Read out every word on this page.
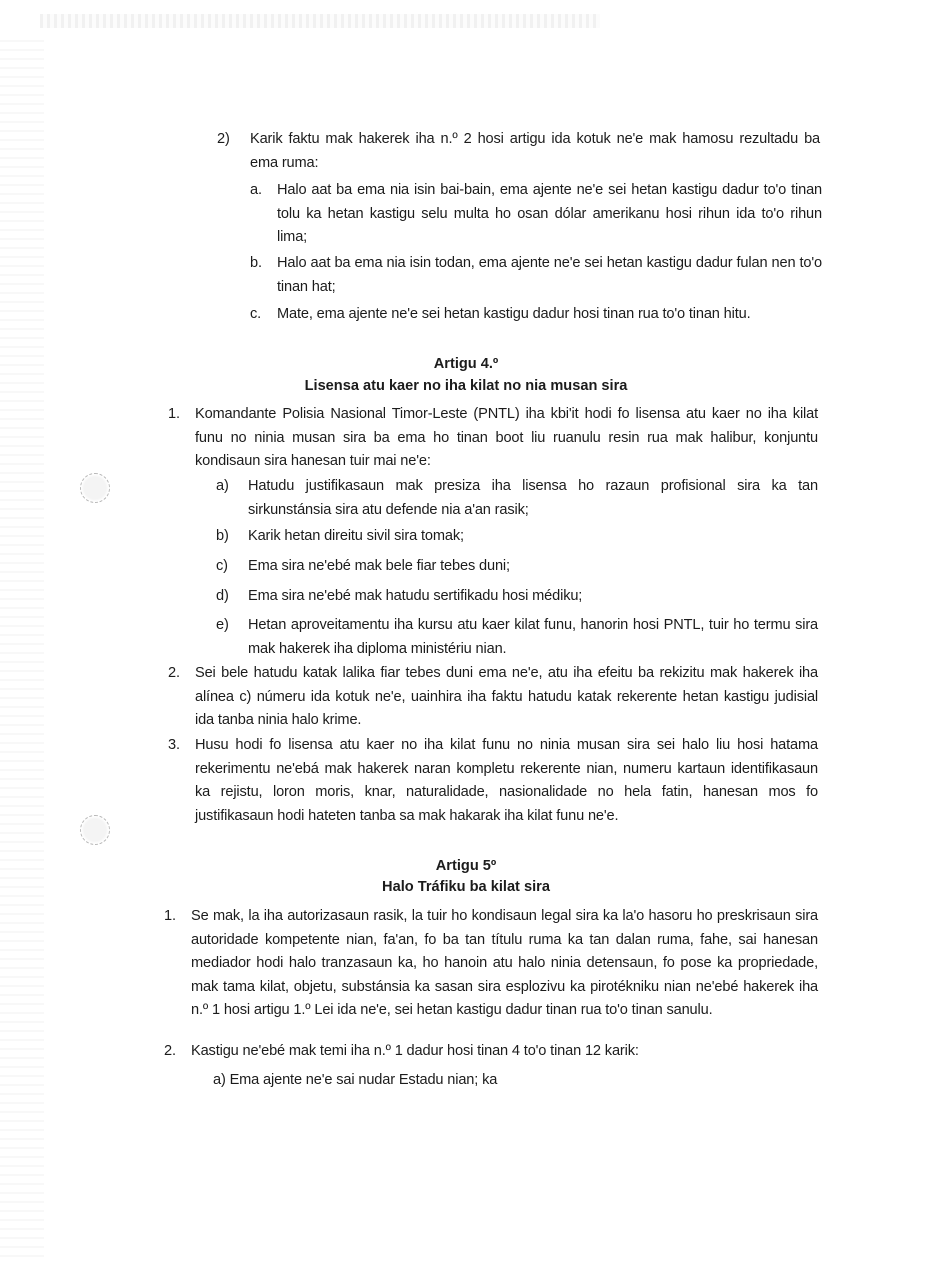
2) Karik faktu mak hakerek iha n.º 2 hosi artigu ida kotuk ne'e mak hamosu rezultadu ba ema ruma:
a. Halo aat ba ema nia isin bai-bain, ema ajente ne'e sei hetan kastigu dadur to'o tinan tolu ka hetan kastigu selu multa ho osan dólar amerikanu hosi rihun ida to'o rihun lima;
b. Halo aat ba ema nia isin todan, ema ajente ne'e sei hetan kastigu dadur fulan nen to'o tinan hat;
c. Mate, ema ajente ne'e sei hetan kastigu dadur hosi tinan rua to'o tinan hitu.
Artigu 4.º
Lisensa atu kaer no iha kilat no nia musan sira
1. Komandante Polisia Nasional Timor-Leste (PNTL) iha kbi'it hodi fo lisensa atu kaer no iha kilat funu no ninia musan sira ba ema ho tinan boot liu ruanulu resin rua mak halibur, konjuntu kondisaun sira hanesan tuir mai ne'e:
a) Hatudu justifikasaun mak presiza iha lisensa ho razaun profisional sira ka tan sirkunstánsia sira atu defende nia a'an rasik;
b) Karik hetan direitu sivil sira tomak;
c) Ema sira ne'ebé mak bele fiar tebes duni;
d) Ema sira ne'ebé mak hatudu sertifikadu hosi médiku;
e) Hetan aproveitamentu iha kursu atu kaer kilat funu, hanorin hosi PNTL, tuir ho termu sira mak hakerek iha diploma ministériu nian.
2. Sei bele hatudu katak lalika fiar tebes duni ema ne'e, atu iha efeitu ba rekizitu mak hakerek iha alínea c) númeru ida kotuk ne'e, uainhira iha faktu hatudu katak rekerente hetan kastigu judisial ida tanba ninia halo krime.
3. Husu hodi fo lisensa atu kaer no iha kilat funu no ninia musan sira sei halo liu hosi hatama rekerimentu ne'ebá mak hakerek naran kompletu rekerente nian, numeru kartaun identifikasaun ka rejistu, loron moris, knar, naturalidade, nasionalidade no hela fatin, hanesan mos fo justifikasaun hodi hateten tanba sa mak hakarak iha kilat funu ne'e.
Artigu 5º
Halo Tráfiku ba kilat sira
1. Se mak, la iha autorizasaun rasik, la tuir ho kondisaun legal sira ka la'o hasoru ho preskrisaun sira autoridade kompetente nian, fa'an, fo ba tan títulu ruma ka tan dalan ruma, fahe, sai hanesan mediador hodi halo tranzasaun ka, ho hanoin atu halo ninia detensaun, fo pose ka propriedade, mak tama kilat, objetu, substánsia ka sasan sira esplozivu ka pirotékniku nian ne'ebé hakerek iha n.º 1 hosi artigu 1.º Lei ida ne'e, sei hetan kastigu dadur tinan rua to'o tinan sanulu.
2. Kastigu ne'ebé mak temi iha n.º 1 dadur hosi tinan 4 to'o tinan 12 karik:
a) Ema ajente ne'e sai nudar Estadu nian; ka
